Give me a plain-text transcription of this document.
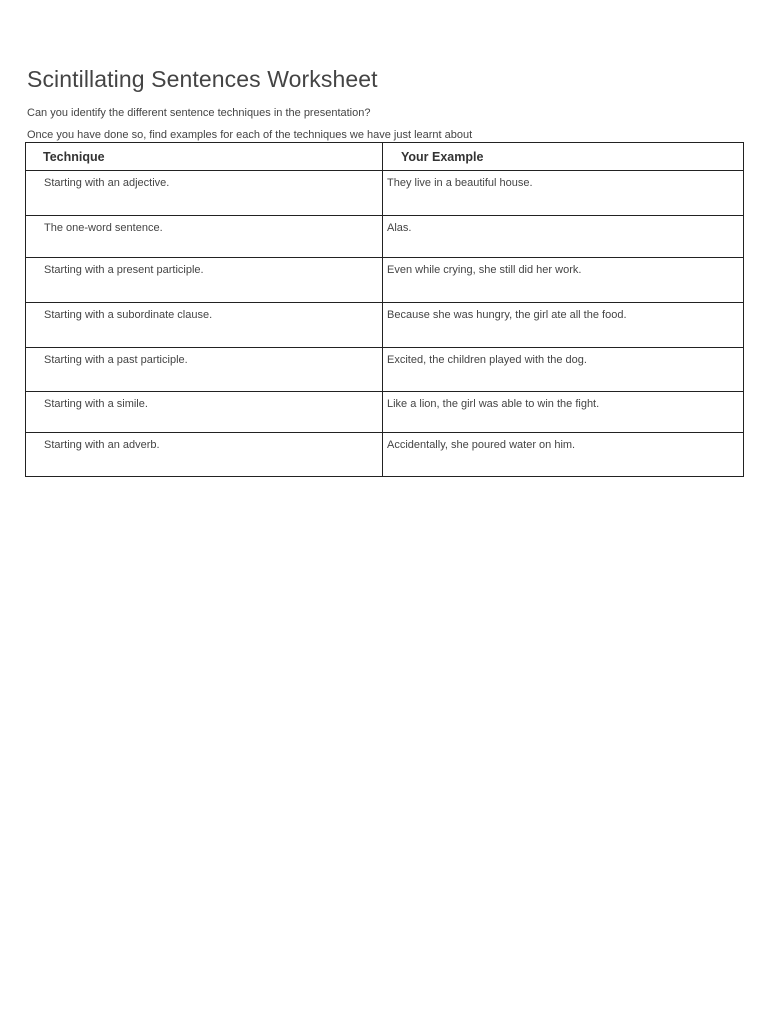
Scintillating Sentences Worksheet

Can you identify the different sentence techniques in the presentation?

Once you have done so, find examples for each of the techniques we have just learnt about

Technique	Your Example

Starting with an adjective.	They live in a beautiful house.

The one-word sentence.	Alas.

Starting with a present participle.	Even while crying, she still did her work.

Starting with a subordinate clause.	Because she was hungry, the girl ate all the food.

Starting with a past participle.	Excited, the children played with the dog.

Starting with a simile.	Like a lion, the girl was able to win the fight.

Starting with an adverb.	Accidentally, she poured water on him.
